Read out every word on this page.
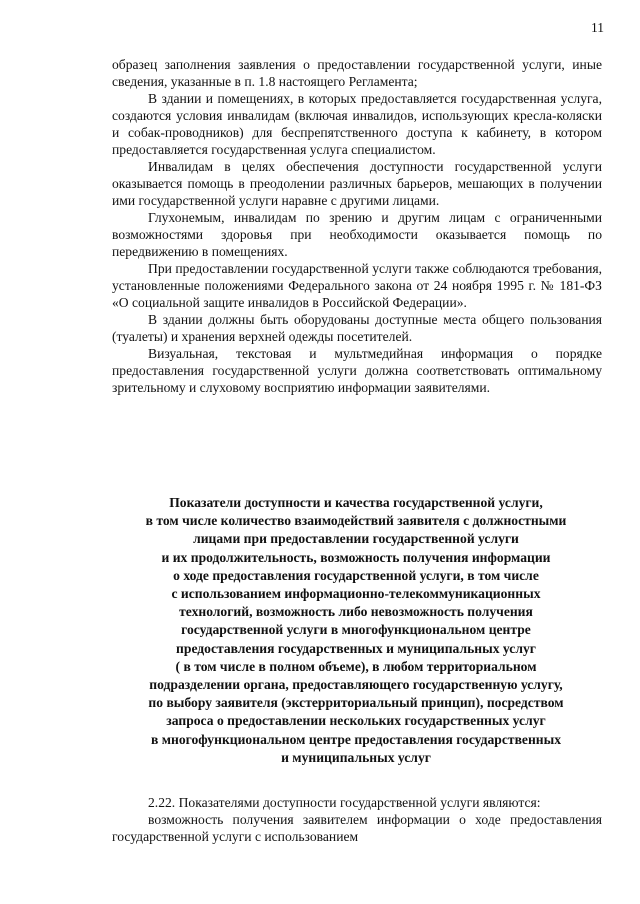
11

образец заполнения заявления о предоставлении государственной услуги, иные сведения, указанные в п. 1.8 настоящего Регламента;

В здании и помещениях, в которых предоставляется государственная услуга, создаются условия инвалидам (включая инвалидов, использующих кресла-коляски и собак-проводников) для беспрепятственного доступа к кабинету, в котором предоставляется государственная услуга специалистом.

Инвалидам в целях обеспечения доступности государственной услуги оказывается помощь в преодолении различных барьеров, мешающих в получении ими государственной услуги наравне с другими лицами.

Глухонемым, инвалидам по зрению и другим лицам с ограниченными возможностями здоровья при необходимости оказывается помощь по передвижению в помещениях.

При предоставлении государственной услуги также соблюдаются требования, установленные положениями Федерального закона от 24 ноября 1995 г. № 181-ФЗ «О социальной защите инвалидов в Российской Федерации».

В здании должны быть оборудованы доступные места общего пользования (туалеты) и хранения верхней одежды посетителей.

Визуальная, текстовая и мультмедийная информация о порядке предоставления государственной услуги должна соответствовать оптимальному зрительному и слуховому восприятию информации заявителями.

Показатели доступности и качества государственной услуги,
в том числе количество взаимодействий заявителя с должностными
лицами при предоставлении государственной услуги
и их продолжительность, возможность получения информации
о ходе предоставления государственной услуги, в том числе
с использованием информационно-телекоммуникационных
технологий, возможность либо невозможность получения
государственной услуги в многофункциональном центре
предоставления государственных и муниципальных услуг
( в том числе в полном объеме), в любом территориальном
подразделении органа, предоставляющего государственную услугу,
по выбору заявителя (экстерриториальный принцип), посредством
запроса о предоставлении нескольких государственных услуг
в многофункциональном центре предоставления государственных
и муниципальных услуг

2.22. Показателями доступности государственной услуги являются:

возможность получения заявителем информации о ходе предоставления государственной услуги с использованием
